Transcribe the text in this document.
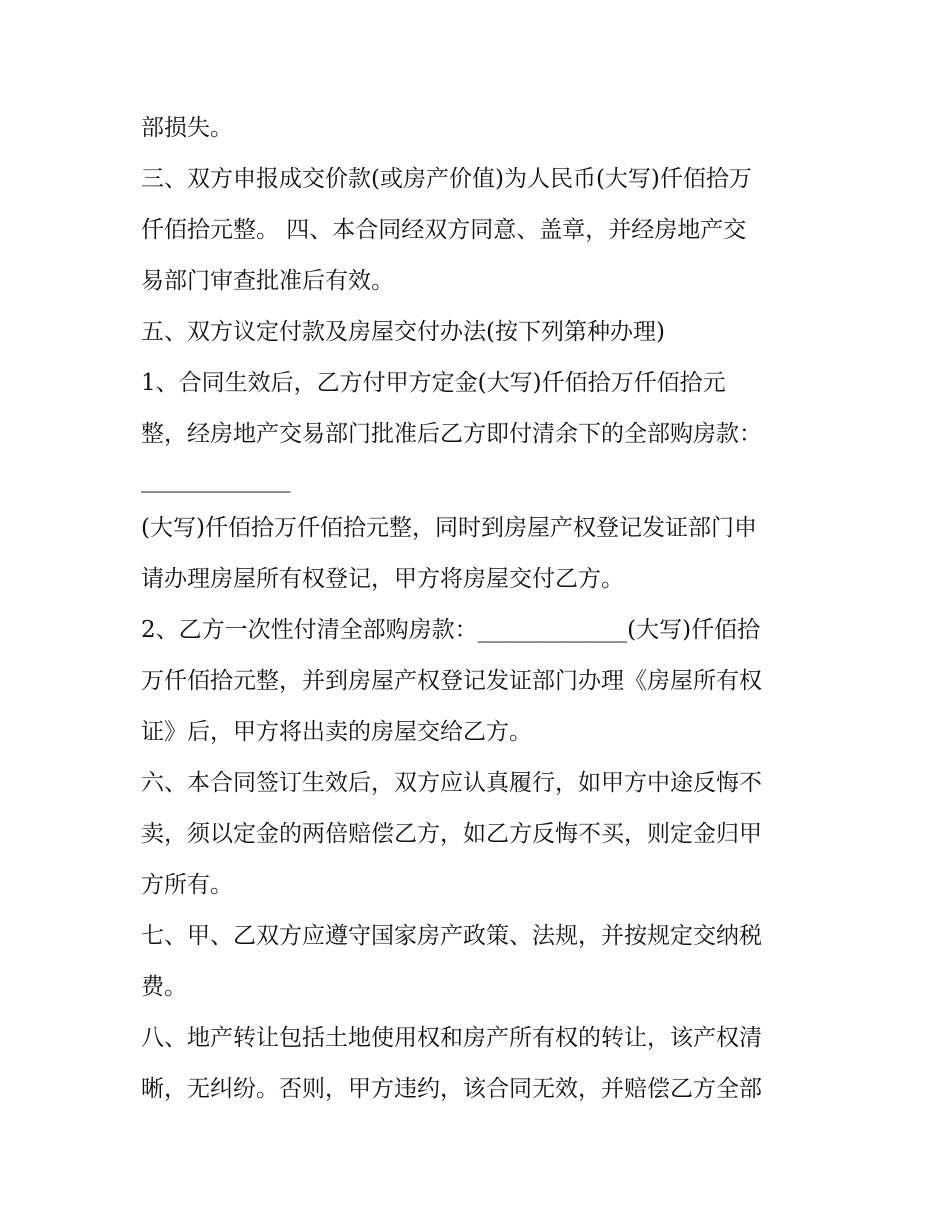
部损失。
三、双方申报成交价款(或房产价值)为人民币(大写)仟佰拾万
仟佰拾元整。 四、本合同经双方同意、盖章，并经房地产交
易部门审查批准后有效。
五、双方议定付款及房屋交付办法(按下列第种办理)
1、合同生效后，乙方付甲方定金(大写)仟佰拾万仟佰拾元
整，经房地产交易部门批准后乙方即付清余下的全部购房款：
_____________
(大写)仟佰拾万仟佰拾元整，同时到房屋产权登记发证部门申
请办理房屋所有权登记，甲方将房屋交付乙方。
2、乙方一次性付清全部购房款：_____________(大写)仟佰拾
万仟佰拾元整，并到房屋产权登记发证部门办理《房屋所有权
证》后，甲方将出卖的房屋交给乙方。
六、本合同签订生效后，双方应认真履行，如甲方中途反悔不
卖，须以定金的两倍赔偿乙方，如乙方反悔不买，则定金归甲
方所有。
七、甲、乙双方应遵守国家房产政策、法规，并按规定交纳税
费。
八、地产转让包括土地使用权和房产所有权的转让，该产权清
晰，无纠纷。否则，甲方违约，该合同无效，并赔偿乙方全部
